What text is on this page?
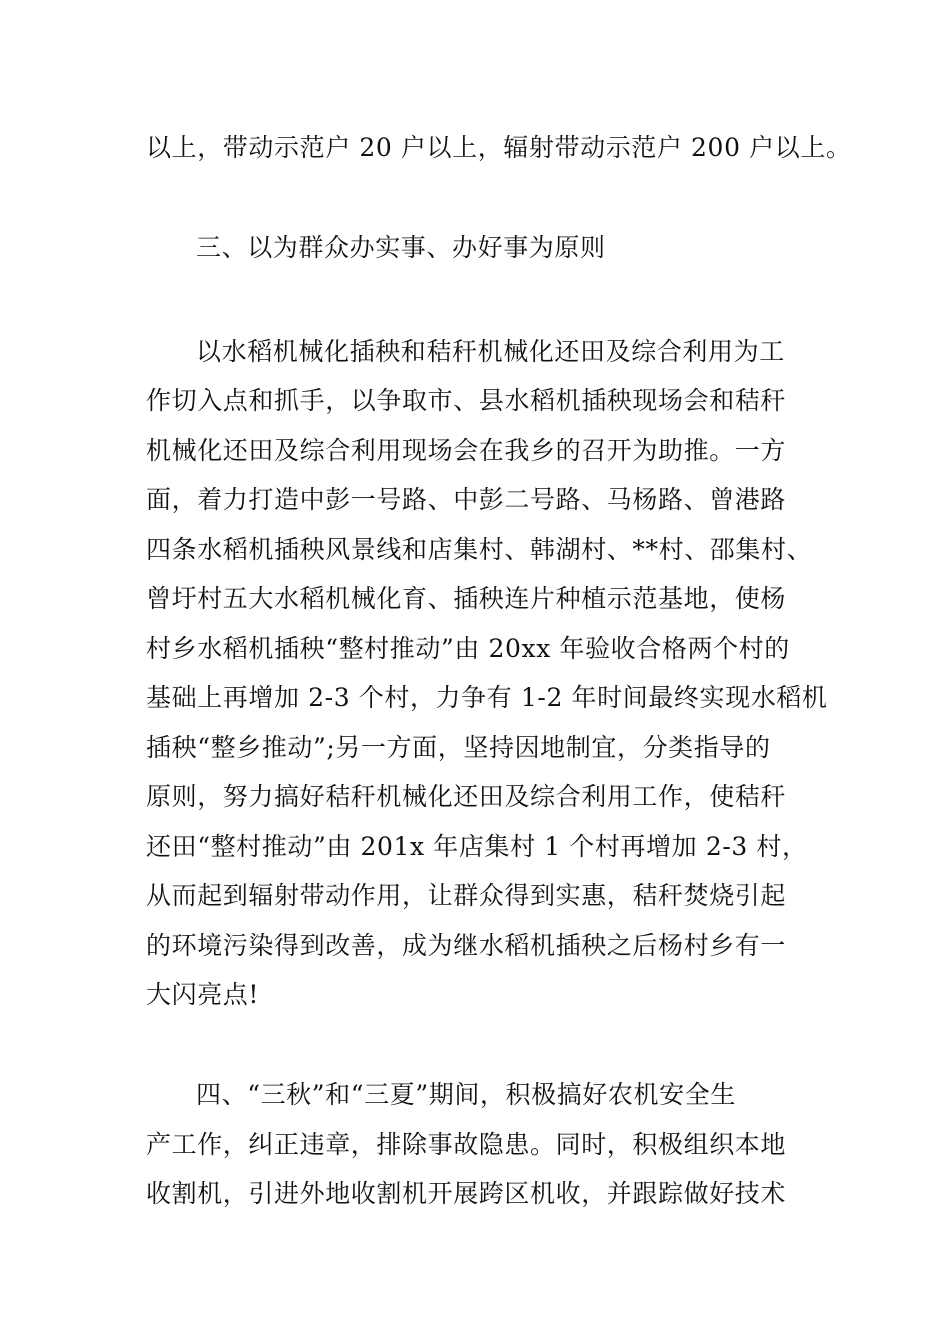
以上，带动示范户 20 户以上，辐射带动示范户 200 户以上。
三、以为群众办实事、办好事为原则
以水稻机械化插秧和秸秆机械化还田及综合利用为工
作切入点和抓手，以争取市、县水稻机插秧现场会和秸秆
机械化还田及综合利用现场会在我乡的召开为助推。一方
面，着力打造中彭一号路、中彭二号路、马杨路、曾港路
四条水稻机插秧风景线和店集村、韩湖村、**村、邵集村、
曾圩村五大水稻机械化育、插秧连片种植示范基地，使杨
村乡水稻机插秧“整村推动”由 20xx 年验收合格两个村的
基础上再增加 2-3 个村，力争有 1-2 年时间最终实现水稻机
插秧“整乡推动”;另一方面，坚持因地制宜，分类指导的
原则，努力搞好秸秆机械化还田及综合利用工作，使秸秆
还田“整村推动”由 201x 年店集村 1 个村再增加 2-3 村，
从而起到辐射带动作用，让群众得到实惠，秸秆焚烧引起
的环境污染得到改善，成为继水稻机插秧之后杨村乡有一
大闪亮点!
四、“三秋”和“三夏”期间，积极搞好农机安全生
产工作，纠正违章，排除事故隐患。同时，积极组织本地
收割机，引进外地收割机开展跨区机收，并跟踪做好技术
